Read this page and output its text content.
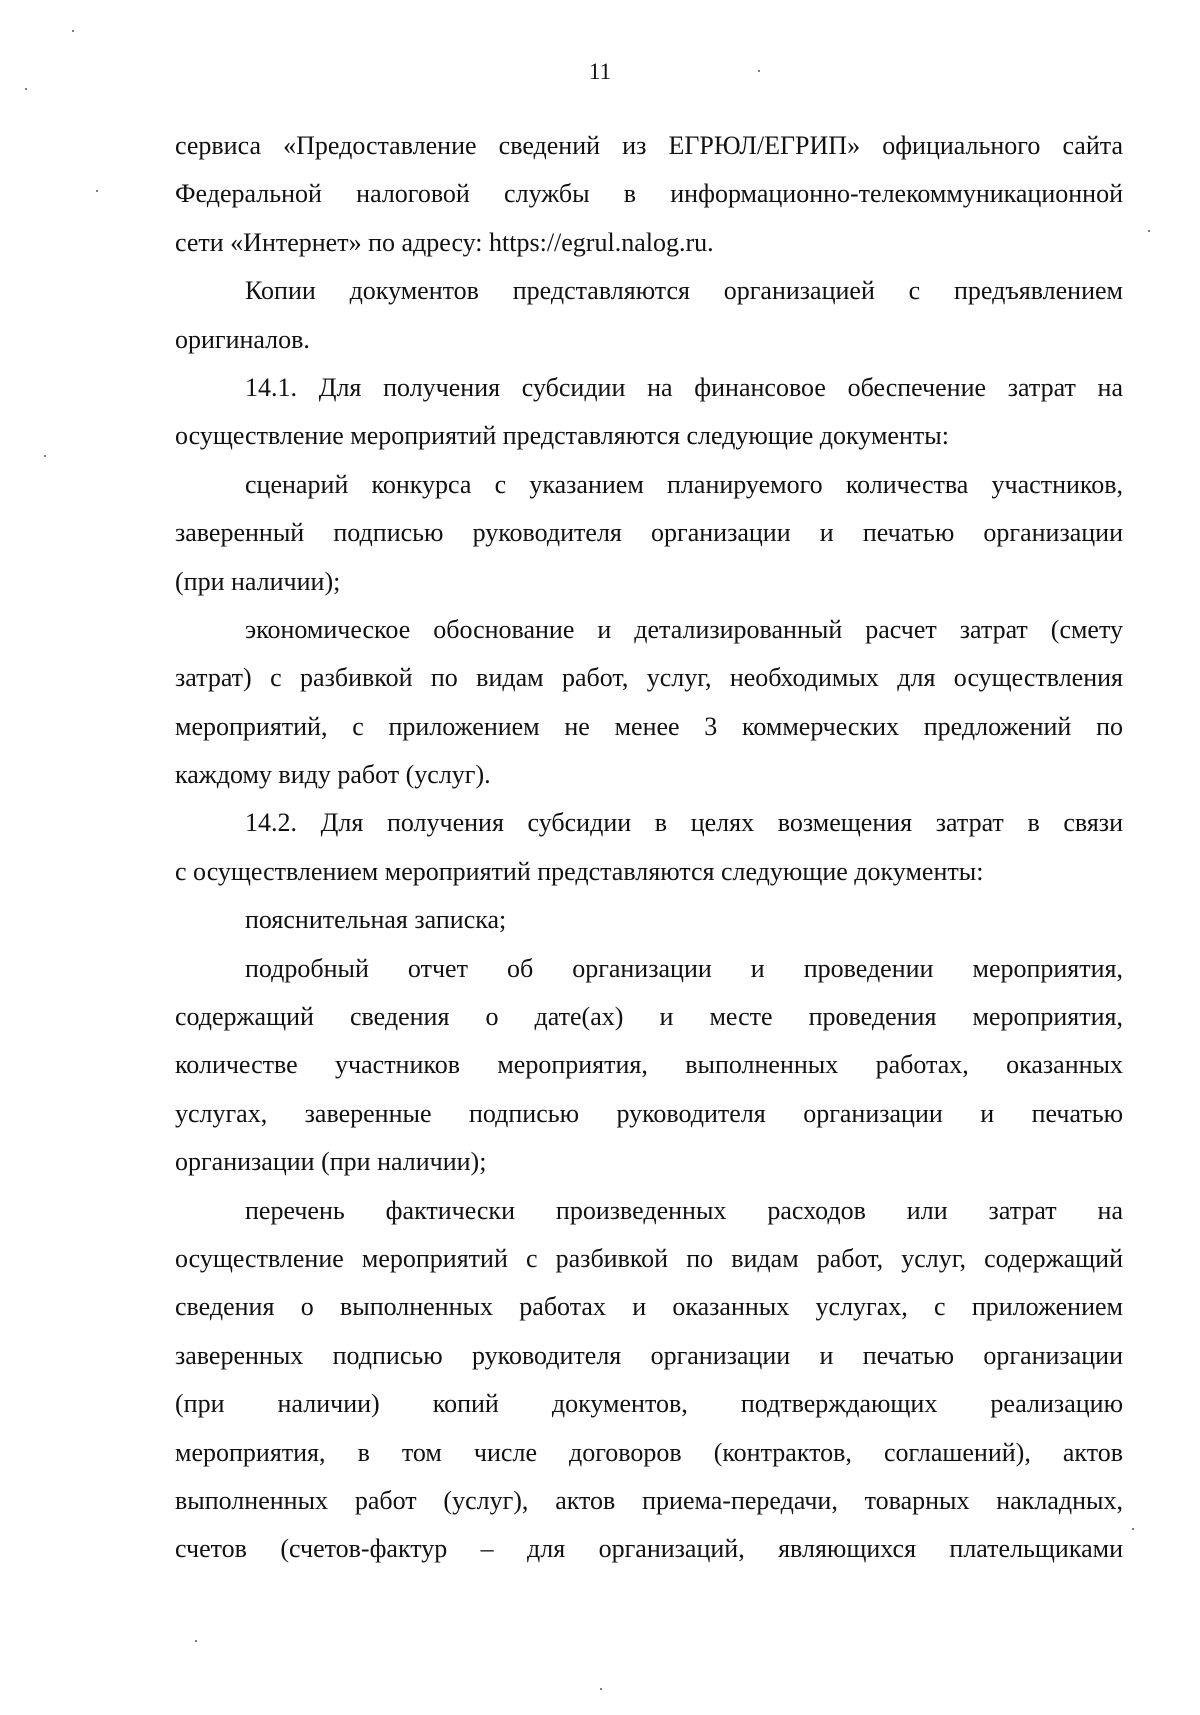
11
сервиса «Предоставление сведений из ЕГРЮЛ/ЕГРИП» официального сайта
Федеральной налоговой службы в информационно-телекоммуникационной
сети «Интернет» по адресу: https://egrul.nalog.ru.
Копии документов представляются организацией с предъявлением
оригиналов.
14.1. Для получения субсидии на финансовое обеспечение затрат на
осуществление мероприятий представляются следующие документы:
сценарий конкурса с указанием планируемого количества участников,
заверенный подписью руководителя организации и печатью организации
(при наличии);
экономическое обоснование и детализированный расчет затрат (смету
затрат) с разбивкой по видам работ, услуг, необходимых для осуществления
мероприятий, с приложением не менее 3 коммерческих предложений по
каждому виду работ (услуг).
14.2. Для получения субсидии в целях возмещения затрат в связи
с осуществлением мероприятий представляются следующие документы:
пояснительная записка;
подробный отчет об организации и проведении мероприятия,
содержащий сведения о дате(ах) и месте проведения мероприятия,
количестве участников мероприятия, выполненных работах, оказанных
услугах, заверенные подписью руководителя организации и печатью
организации (при наличии);
перечень фактически произведенных расходов или затрат на
осуществление мероприятий с разбивкой по видам работ, услуг, содержащий
сведения о выполненных работах и оказанных услугах, с приложением
заверенных подписью руководителя организации и печатью организации
(при наличии) копий документов, подтверждающих реализацию
мероприятия, в том числе договоров (контрактов, соглашений), актов
выполненных работ (услуг), актов приема-передачи, товарных накладных,
счетов (счетов-фактур – для организаций, являющихся плательщиками
